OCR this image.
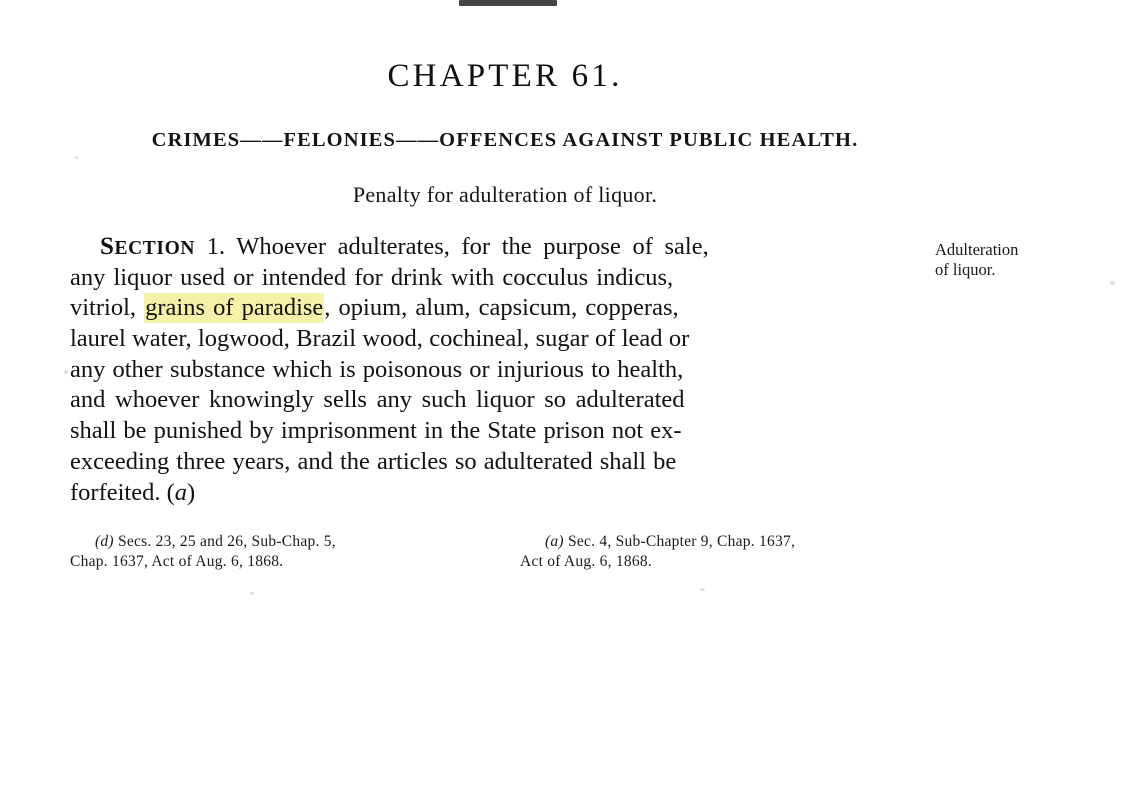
CHAPTER 61.
CRIMES——FELONIES——OFFENCES AGAINST PUBLIC HEALTH.
Penalty for adulteration of liquor.
SECTION 1. Whoever adulterates, for the purpose of sale,
any liquor used or intended for drink with cocculus indicus,
vitriol, grains of paradise, opium, alum, capsicum, copperas,
laurel water, logwood, Brazil wood, cochineal, sugar of lead or
any other substance which is poisonous or injurious to health,
and whoever knowingly sells any such liquor so adulterated
shall be punished by imprisonment in the State prison not ex-
exceeding three years, and the articles so adulterated shall be
forfeited. (a)
Adulteration
of liquor.
(d) Secs. 23, 25 and 26, Sub-Chap. 5,
Chap. 1637, Act of Aug. 6, 1868.
(a) Sec. 4, Sub-Chapter 9, Chap. 1637,
Act of Aug. 6, 1868.
